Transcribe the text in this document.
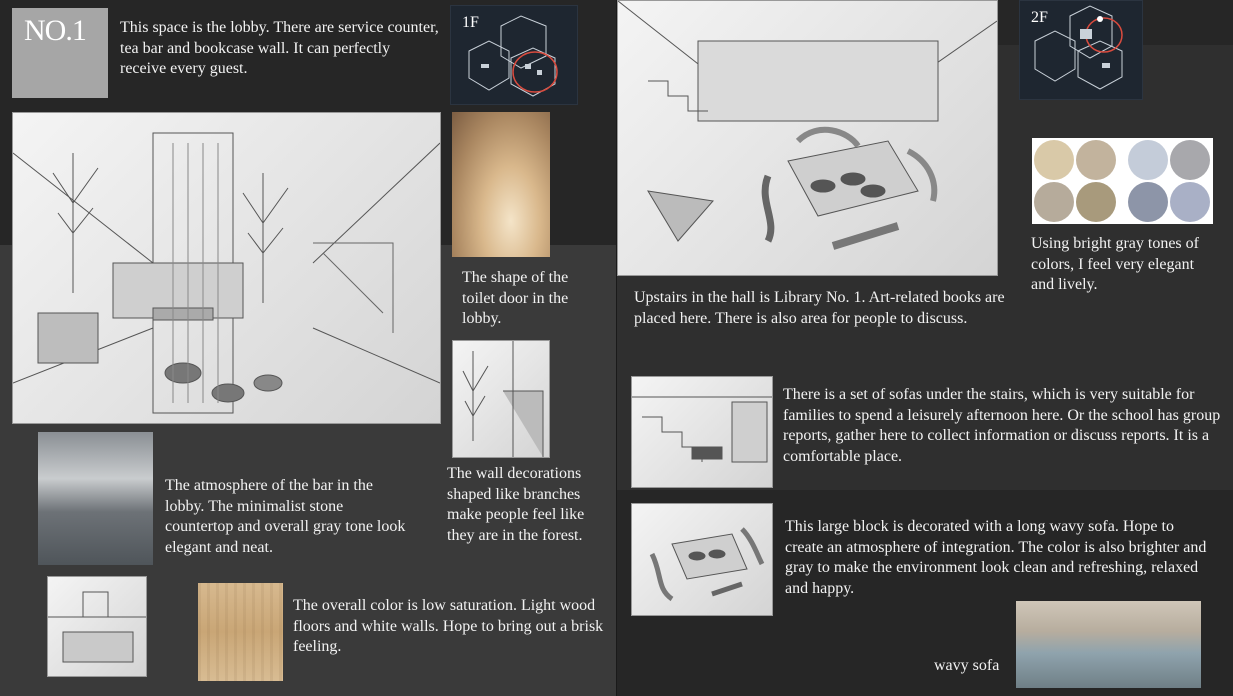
NO.1 This space is the lobby. There are service counter, tea bar and bookcase wall. It can perfectly receive every guest.
1F
The shape of the toilet door in the lobby.
The wall decorations shaped like branches make people feel like they are in the forest.
The atmosphere of the bar in the lobby. The minimalist stone countertop and overall gray tone look elegant and neat.
The overall color is low saturation. Light wood floors and white walls. Hope to bring out a brisk feeling.
2F
Using bright gray tones of colors, I feel very elegant and lively.
Upstairs in the hall is Library No. 1. Art-related books are placed here. There is also area for people to discuss.
There is a set of sofas under the stairs, which is very suitable for families to spend a leisurely afternoon here. Or the school has group reports, gather here to collect information or discuss reports. It is a comfortable place.
This large block is decorated with a long wavy sofa. Hope to create an atmosphere of integration. The color is also brighter and gray to make the environment look clean and refreshing, relaxed and happy.
wavy sofa
